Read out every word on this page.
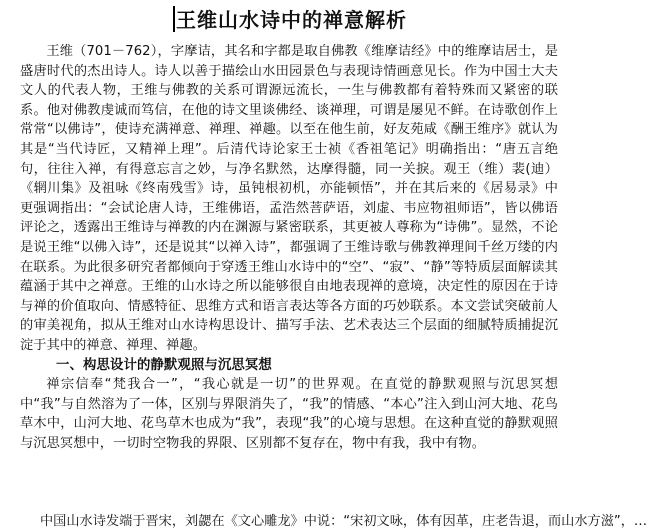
王维山水诗中的禅意解析

王维（701－762），字摩诘，其名和字都是取自佛教《维摩诘经》中的维摩诘居士，是盛唐时代的杰出诗人。诗人以善于描绘山水田园景色与表现诗情画意见长。作为中国士大夫文人的代表人物，王维与佛教的关系可谓源远流长，一生与佛教都有着特殊而又紧密的联系。他对佛教虔诚而笃信，在他的诗文里谈佛经、谈禅理，可谓是屡见不鲜。在诗歌创作上常常“以佛诗”，使诗充满禅意、禅理、禅趣。以至在他生前，好友苑咸《酬王维序》就认为其是“当代诗匠，又精禅上理”。后清代诗论家王士祯《香祖笔记》明确指出：“唐五言绝句，往往入禅，有得意忘言之妙，与净名默然，达摩得髓，同一关捩。观王（维）裴(迪）《辋川集》及祖咏《终南残雪》诗，虽钝根初机，亦能顿悟”，并在其后来的《居易录》中更强调指出：“会试论唐人诗，王维佛语，孟浩然菩萨语，刘虚、韦应物祖师语”，皆以佛语评论之，透露出王维诗与禅教的内在渊源与紧密联系，其更被人尊称为“诗佛”。显然，不论是说王维“以佛入诗”，还是说其“以禅入诗”，都强调了王维诗歌与佛教禅理间千丝万缕的内在联系。为此很多研究者都倾向于穿透王维山水诗中的“空”、“寂”、“静”等特质层面解读其蕴涵于其中之禅意。王维的山水诗之所以能够很自由地表现禅的意境，决定性的原因在于诗与禅的价值取向、情感特征、思维方式和语言表达等各方面的巧妙联系。本文尝试突破前人的审美视角，拟从王维对山水诗构思设计、描写手法、艺术表达三个层面的细腻特质捕捉沉淀于其中的禅意、禅理、禅趣。

一、构思设计的静默观照与沉思冥想

禅宗信奉“梵我合一”，“我心就是一切”的世界观。在直觉的静默观照与沉思冥想中“我”与自然溶为了一体，区别与界限消失了，“我”的情感、“本心”注入到山河大地、花鸟草木中，山河大地、花鸟草木也成为“我”，表现“我”的心境与思想。在这种直觉的静默观照与沉思冥想中，一切时空物我的界限、区别都不复存在，物中有我，我中有物。

中国山水诗发端于晋宋，刘勰在《文心雕龙》中说：“宋初文咏，体有因革，庄老告退，而山水方滋”，…
